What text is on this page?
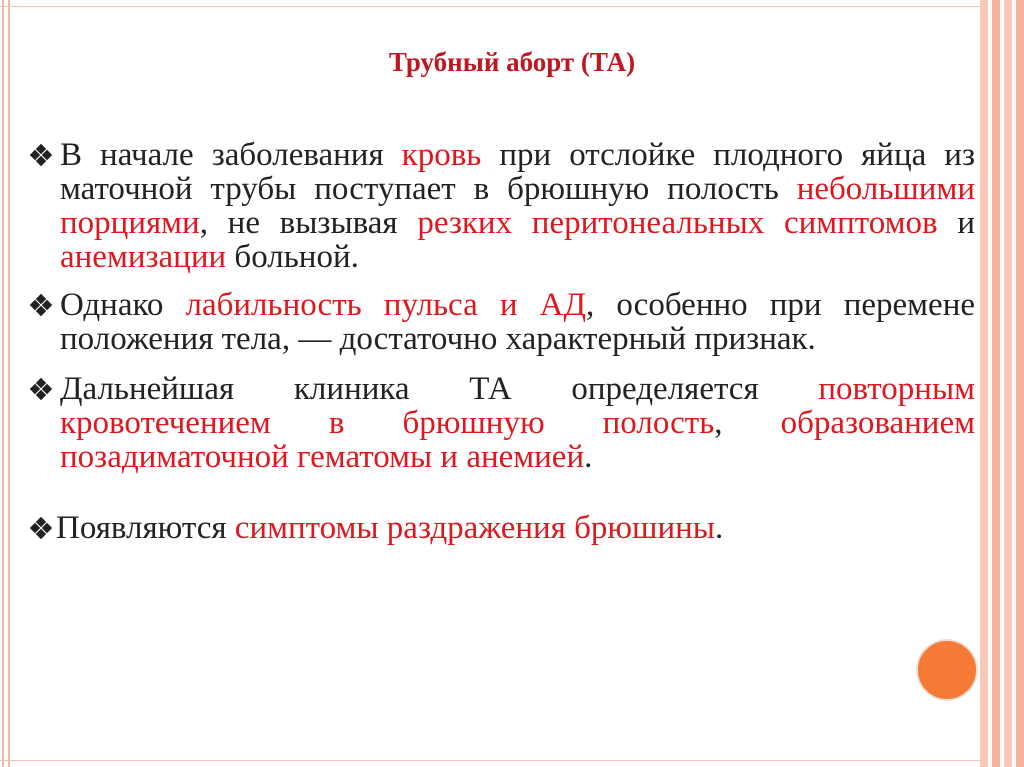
Трубный аборт (ТА)
В начале заболевания кровь при отслойке плодного яйца из маточной трубы поступает в брюшную полость небольшими порциями, не вызывая резких перитонеальных симптомов и анемизации больной.
Однако лабильность пульса и АД, особенно при перемене положения тела, — достаточно характерный признак.
Дальнейшая клиника ТА определяется повторным кровотечением в брюшную полость, образованием позадиматочной гематомы и анемией.
Появляются симптомы раздражения брюшины.
